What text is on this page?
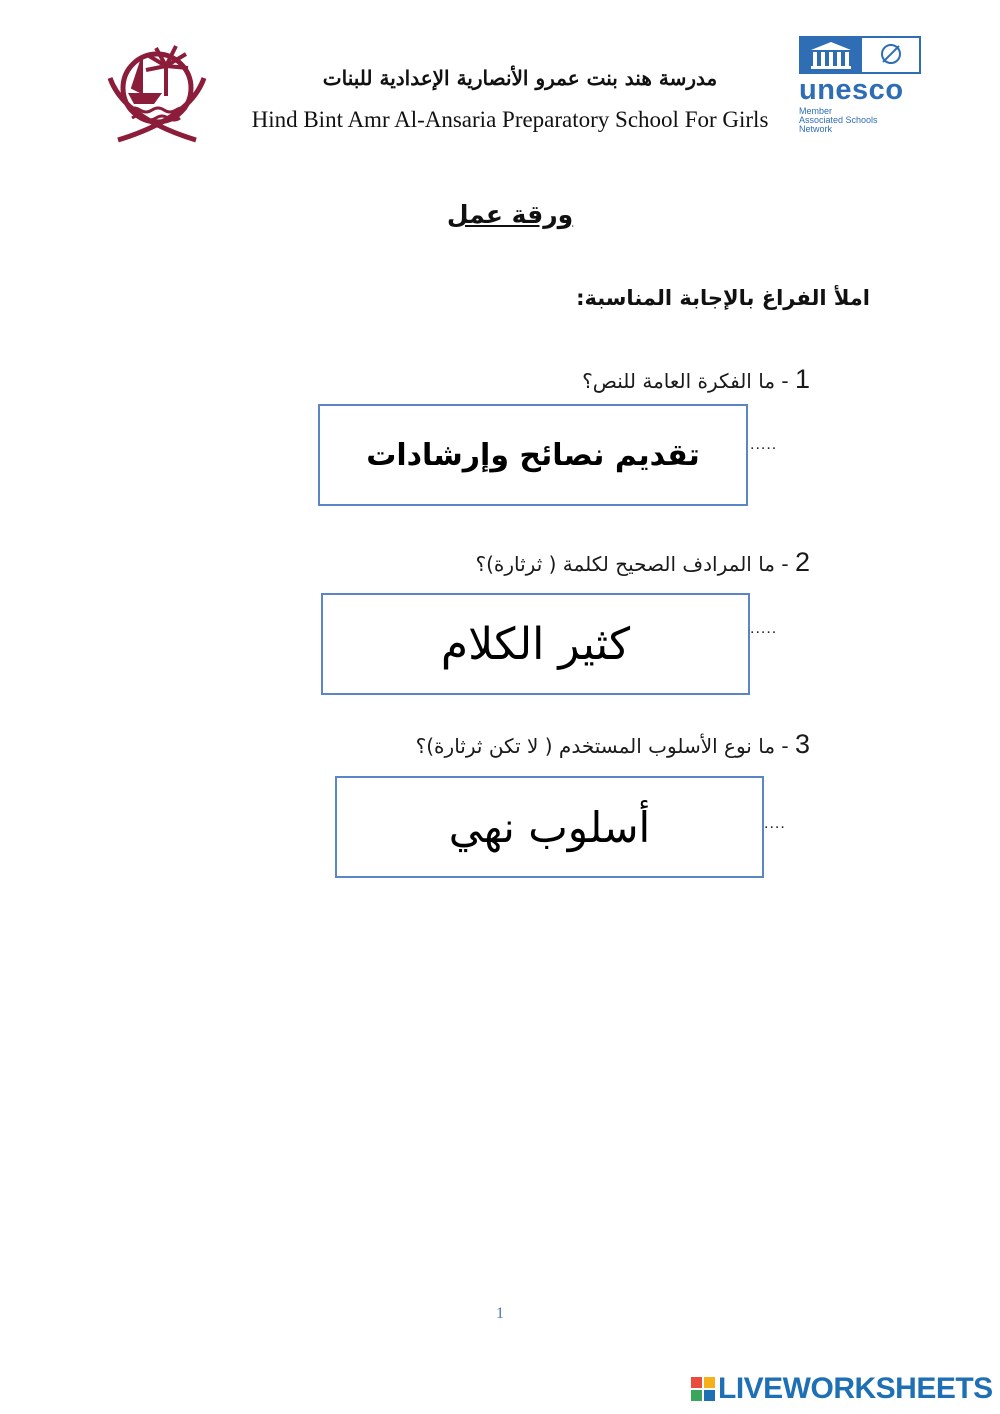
مدرسة هند بنت عمرو الأنصارية الإعدادية للبنات
Hind Bint Amr Al-Ansaria Preparatory School For Girls
unesco
Member
Associated Schools
Network
ورقة عمل
املأ الفراغ بالإجابة المناسبة:
1 - ما الفكرة العامة للنص؟
تقديم نصائح وإرشادات	.....
2 - ما المرادف الصحيح لكلمة ( ثرثارة)؟
كثير الكلام	.....
3 - ما نوع الأسلوب المستخدم ( لا تكن ثرثارة)؟
أسلوب نهي	....
1
LIVEWORKSHEETS
